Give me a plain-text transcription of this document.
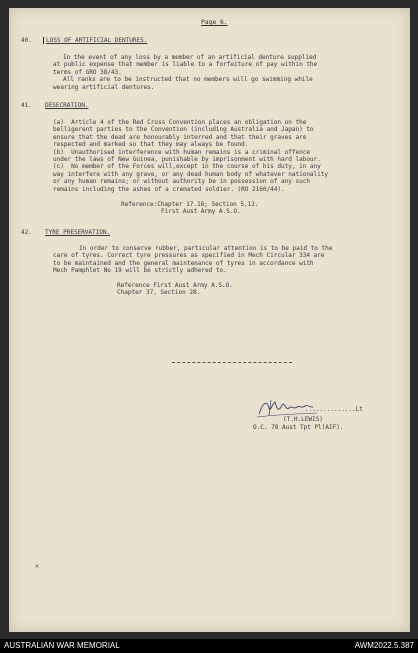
Page 6.
40.	LOSS OF ARTIFICIAL DENTURES.
In the event of any loss by a member of an artificial denture supplied
at public expense that member is liable to a forfeiture of pay within the
terms of GRO 38/43.
All ranks are to be instructed that no members will go swimming while
wearing artificial dentures.
41.	DESECRATION.
(a)  Article 4 of the Red Cross Convention places an obligation on the
belligerent parties to the Convention (including Australia and Japan) to
ensure that the dead are honourably interred and that their graves are
respected and marked so that they may always be found.
(b)  Unauthorised interference with human remains is a criminal offence
under the laws of New Guinea, punishable by imprisonment with hard labour.
(c)  No member of the Forces will,except in the course of his duty, in any
way interfere with any grave, or any dead human body of whatever nationality
or any human remains; or without authority be in possession of any such
remains including the ashes of a cremated soldier. (RO 2160/44).
Reference:Chapter 17.18; Section 5,12.
First Aust Army A.S.O.
42.	TYRE PRESERVATION.
In order to conserve rubber, particular attention is to be paid to the
care of tyres. Correct tyre pressures as specified in Mech Circular 334 are
to be maintained and the general maintenance of tyres in accordance with
Mech Pamphlet No 19 will be strictly adhered to.
Reference First Aust Army A.S.O.
Chapter 37, Section 28.
..............Lt
(T.H.LEWIS)
O.C. 78 Aust Tpt Pl(AIF).
✕
AUSTRALIAN WAR MEMORIAL	AWM2022.5.387
